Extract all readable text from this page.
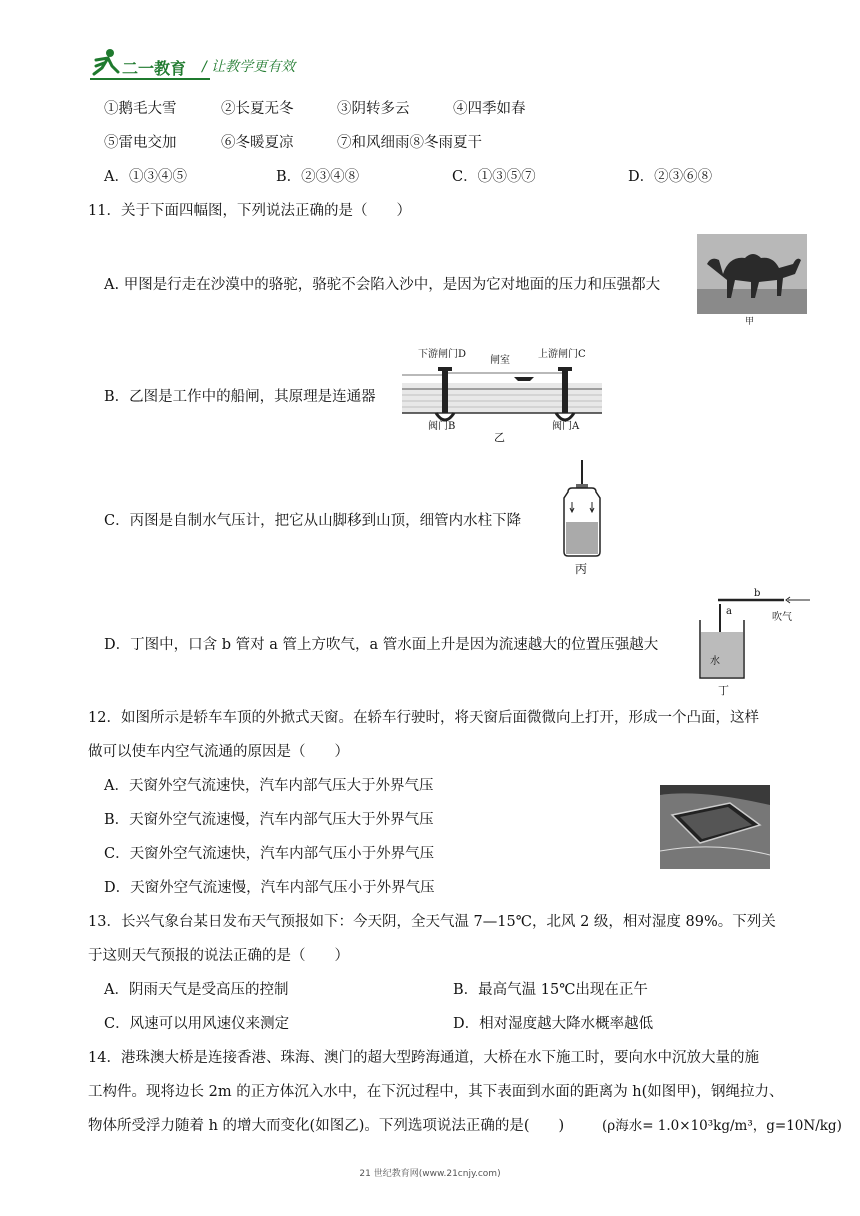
二一教育 / 让教学更有效
①鹅毛大雪	②长夏无冬	③阴转多云	④四季如春
⑤雷电交加	⑥冬暖夏凉	⑦和风细雨⑧冬雨夏干
A．①③④⑤	B．②③④⑧	C．①③⑤⑦	D．②③⑥⑧
11．关于下面四幅图，下列说法正确的是（　　）
A. 甲图是行走在沙漠中的骆驼，骆驼不会陷入沙中，是因为它对地面的压力和压强都大
甲
B．乙图是工作中的船闸，其原理是连通器
下游闸门D
闸室
上游闸门C
阀门B
乙
阀门A
C．丙图是自制水气压计，把它从山脚移到山顶，细管内水柱下降
丙
D．丁图中，口含 b 管对 a 管上方吹气，a 管水面上升是因为流速越大的位置压强越大
b
a
吹气
水
丁
12．如图所示是轿车车顶的外掀式天窗。在轿车行驶时，将天窗后面微微向上打开，形成一个凸面，这样
做可以使车内空气流通的原因是（　　）
A．天窗外空气流速快，汽车内部气压大于外界气压
B．天窗外空气流速慢，汽车内部气压大于外界气压
C．天窗外空气流速快，汽车内部气压小于外界气压
D．天窗外空气流速慢，汽车内部气压小于外界气压
13．长兴气象台某日发布天气预报如下：今天阴，全天气温 7—15℃，北风 2 级，相对湿度 89%。下列关
于这则天气预报的说法正确的是（　　）
A．阴雨天气是受高压的控制	B．最高气温 15℃出现在正午
C．风速可以用风速仪来测定	D．相对湿度越大降水概率越低
14．港珠澳大桥是连接香港、珠海、澳门的超大型跨海通道，大桥在水下施工时，要向水中沉放大量的施
工构件。现将边长 2m 的正方体沉入水中，在下沉过程中，其下表面到水面的距离为 h(如图甲)，钢绳拉力、
物体所受浮力随着 h 的增大而变化(如图乙)。下列选项说法正确的是(　　)	(ρ海水= 1.0×10³kg/m³，g=10N/kg)
21 世纪教育网(www.21cnjy.com)
